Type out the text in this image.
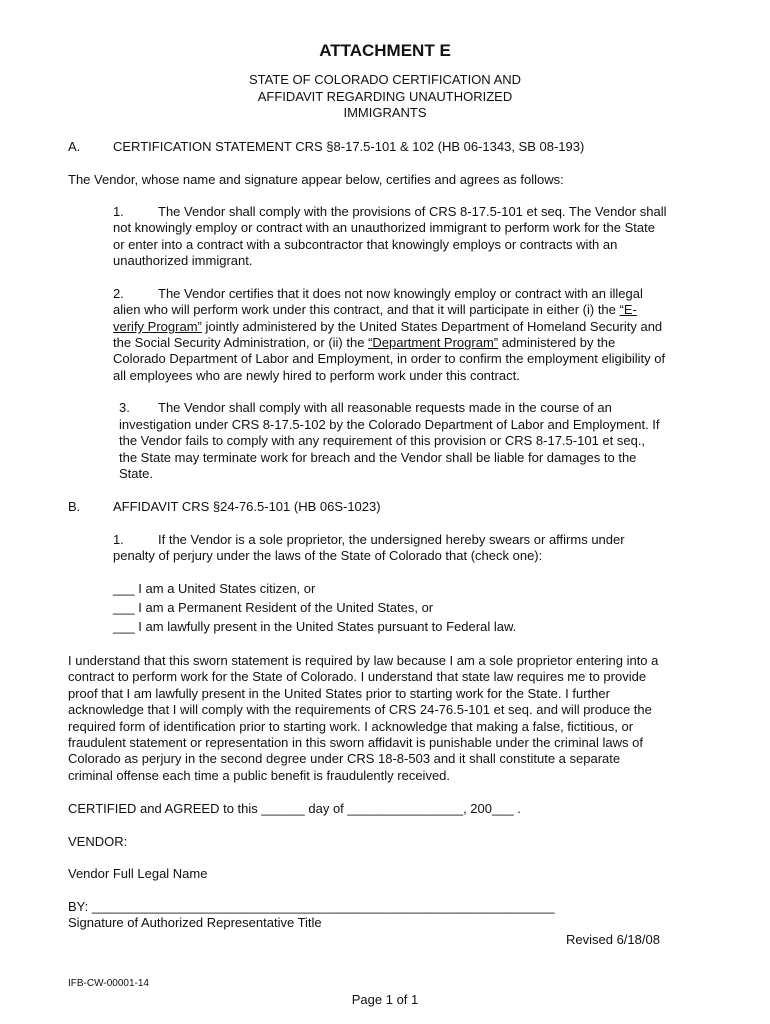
ATTACHMENT E
STATE OF COLORADO CERTIFICATION AND
AFFIDAVIT REGARDING UNAUTHORIZED
IMMIGRANTS
A.	CERTIFICATION STATEMENT CRS §8-17.5-101 & 102 (HB 06-1343, SB 08-193)
The Vendor, whose name and signature appear below, certifies and agrees as follows:
1.	The Vendor shall comply with the provisions of CRS 8-17.5-101 et seq. The Vendor shall
not knowingly employ or contract with an unauthorized immigrant to perform work for the State
or enter into a contract with a subcontractor that knowingly employs or contracts with an
unauthorized immigrant.
2.	The Vendor certifies that it does not now knowingly employ or contract with an illegal
alien who will perform work under this contract, and that it will participate in either (i) the “E-
verify Program” jointly administered by the United States Department of Homeland Security and
the Social Security Administration, or (ii) the “Department Program” administered by the
Colorado Department of Labor and Employment, in order to confirm the employment eligibility of
all employees who are newly hired to perform work under this contract.
3. The Vendor shall comply with all reasonable requests made in the course of an
investigation under CRS 8-17.5-102 by the Colorado Department of Labor and Employment. If
the Vendor fails to comply with any requirement of this provision or CRS 8-17.5-101 et seq.,
the State may terminate work for breach and the Vendor shall be liable for damages to the
State.
B.	AFFIDAVIT CRS §24-76.5-101 (HB 06S-1023)
1.	If the Vendor is a sole proprietor, the undersigned hereby swears or affirms under
penalty of perjury under the laws of the State of Colorado that (check one):
___ I am a United States citizen, or
___ I am a Permanent Resident of the United States, or
___ I am lawfully present in the United States pursuant to Federal law.
I understand that this sworn statement is required by law because I am a sole proprietor entering into a
contract to perform work for the State of Colorado. I understand that state law requires me to provide
proof that I am lawfully present in the United States prior to starting work for the State. I further
acknowledge that I will comply with the requirements of CRS 24-76.5-101 et seq. and will produce the
required form of identification prior to starting work. I acknowledge that making a false, fictitious, or
fraudulent statement or representation in this sworn affidavit is punishable under the criminal laws of
Colorado as perjury in the second degree under CRS 18-8-503 and it shall constitute a separate
criminal offense each time a public benefit is fraudulently received.
CERTIFIED and AGREED to this ______ day of ________________, 200___ .
VENDOR:
Vendor Full Legal Name
BY: ________________________________________________________________
Signature of Authorized Representative Title
Revised 6/18/08
IFB-CW-00001-14
Page 1 of 1
